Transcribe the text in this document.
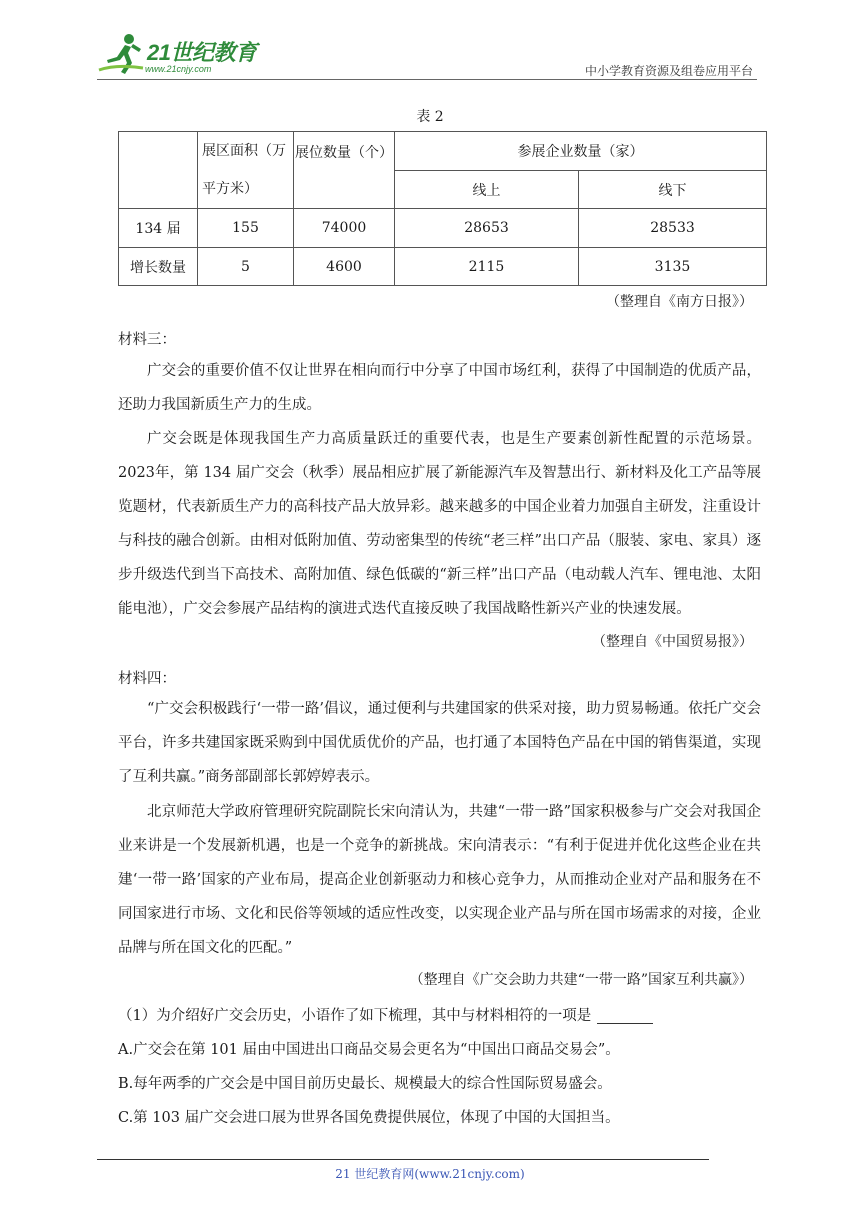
21世纪教育
www.21cnjy.com	中小学教育资源及组卷应用平台
表 2
	展区面积（万平方米）	展位数量（个）	参展企业数量（家）	
			线上	线下
134 届	155	74000	28653	28533
增长数量	5	4600	2115	3135
（整理自《南方日报》）
材料三：

广交会的重要价值不仅让世界在相向而行中分享了中国市场红利，获得了中国制造的优质产品，还助力我国新质生产力的生成。

广交会既是体现我国生产力高质量跃迁的重要代表，也是生产要素创新性配置的示范场景。2023年，第 134 届广交会（秋季）展品相应扩展了新能源汽车及智慧出行、新材料及化工产品等展览题材，代表新质生产力的高科技产品大放异彩。越来越多的中国企业着力加强自主研发，注重设计与科技的融合创新。由相对低附加值、劳动密集型的传统“老三样”出口产品（服装、家电、家具）逐步升级迭代到当下高技术、高附加值、绿色低碳的“新三样”出口产品（电动载人汽车、锂电池、太阳能电池），广交会参展产品结构的演进式迭代直接反映了我国战略性新兴产业的快速发展。

（整理自《中国贸易报》）
材料四：

“广交会积极践行‘一带一路’倡议，通过便利与共建国家的供采对接，助力贸易畅通。依托广交会平台，许多共建国家既采购到中国优质优价的产品，也打通了本国特色产品在中国的销售渠道，实现了互利共赢。”商务部副部长郭婷婷表示。

北京师范大学政府管理研究院副院长宋向清认为，共建“一带一路”国家积极参与广交会对我国企业来讲是一个发展新机遇，也是一个竞争的新挑战。宋向清表示：“有利于促进并优化这些企业在共建‘一带一路’国家的产业布局，提高企业创新驱动力和核心竞争力，从而推动企业对产品和服务在不同国家进行市场、文化和民俗等领域的适应性改变，以实现企业产品与所在国市场需求的对接，企业品牌与所在国文化的匹配。”

（整理自《广交会助力共建“一带一路”国家互利共赢》）
（1）为介绍好广交会历史，小语作了如下梳理，其中与材料相符的一项是
A.广交会在第 101 届由中国进出口商品交易会更名为“中国出口商品交易会”。
B.每年两季的广交会是中国目前历史最长、规模最大的综合性国际贸易盛会。
C.第 103 届广交会进口展为世界各国免费提供展位，体现了中国的大国担当。
21 世纪教育网(www.21cnjy.com)
